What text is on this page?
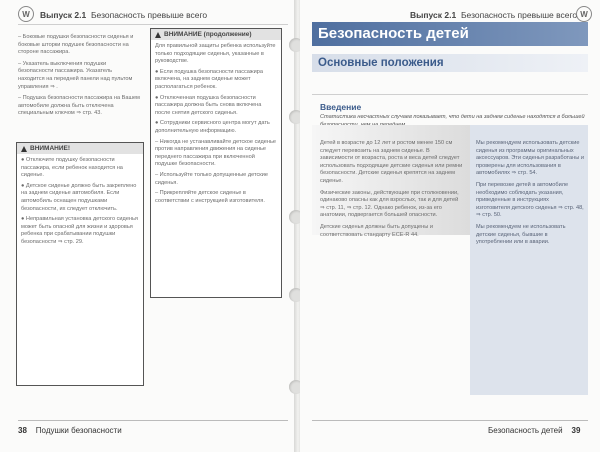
W	Выпуск 2.1 Безопасность превыше всего

– Боковые подушки безопасности сиденья и боковые шторки подушек безопасности на стороне пассажира.

– Указатель выключения подушки безопасности пассажира. Указатель находится на передней панели над пультом управления ⇒ .

– Подушка безопасности пассажира на Вашем автомобиле должна быть отключена специальным ключом ⇒ стр. 43.

ВНИМАНИЕ!

● Отключите подушку безопасности пассажира, если ребенок находится на сиденье.

● Детское сиденье должно быть закреплено на заднем сиденье автомобиля. Если автомобиль оснащен подушками безопасности, их следует отключить.

● Неправильная установка детского сиденья может быть опасной для жизни и здоровья ребенка при срабатывании подушки безопасности ⇒ стр. 29.

ВНИМАНИЕ (продолжение)

Для правильной защиты ребенка используйте только подходящие сиденья, указанные в руководстве.

● Если подушка безопасности пассажира включена, на заднем сиденье может располагаться ребенок.

● Отключенная подушка безопасности пассажира должна быть снова включена после снятия детского сиденья.

● Сотрудники сервисного центра могут дать дополнительную информацию.

– Никогда не устанавливайте детское сиденье против направления движения на сиденье переднего пассажира при включенной подушке безопасности.

– Используйте только допущенные детские сиденья.

– Прикрепляйте детское сиденье в соответствии с инструкцией изготовителя.

38 Подушки безопасности
Выпуск 2.1 Безопасность превыше всего W
Безопасность детей
Основные положения
Введение
Статистика несчастных случаев показывает, что дети на заднем сиденье находятся в большей

Детей в возрасте до 12 лет и ростом менее 150 см следует перевозить на заднем сиденье. В зависимости от возраста, роста и веса детей следует использовать подходящие детские сиденья или ремни безопасности. Детские сиденья крепятся на заднем сиденье.

Физические законы, действующие при столкновении, одинаково опасны как для взрослых, так и для детей ⇒ стр. 11, ⇒ стр. 12. Однако ребенок, из-за его анатомии, подвергается большей опасности.

Детские сиденья должны быть допущены и соответствовать стандарту ECE-R 44.

Мы рекомендуем использовать детские сиденья из программы оригинальных аксессуаров. Эти сиденья разработаны и проверены для использования в автомобилях ⇒ стр. 54.

При перевозке детей в автомобиле необходимо соблюдать указания, приведенные в инструкциях изготовителя детского сиденья ⇒ стр. 48, ⇒ стр. 50.

Мы рекомендуем не использовать детские сиденья, бывшие в употреблении или в аварии.

Безопасность детей 39
